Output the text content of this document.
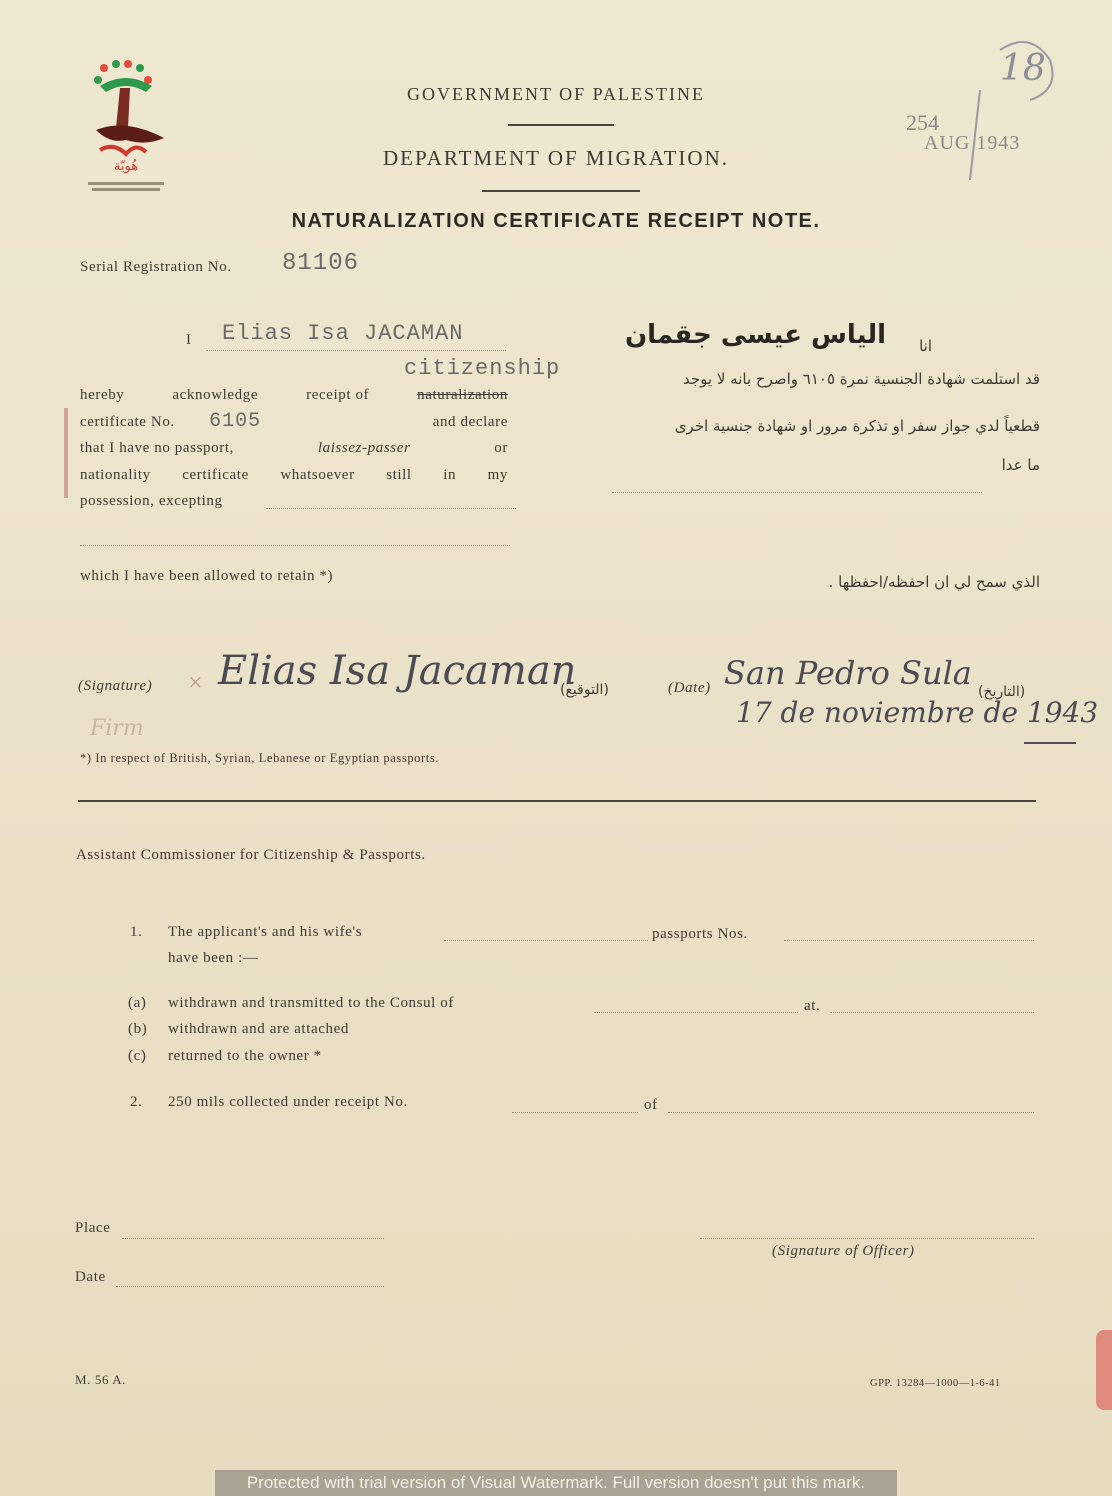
هُويّة
GOVERNMENT OF PALESTINE
DEPARTMENT OF MIGRATION.
NATURALIZATION CERTIFICATE RECEIPT NOTE.
254
AUG 1943
18
Serial Registration No. 81106
I Elias Isa JACAMAN
citizenship
hereby	acknowledge	receipt of	naturalization
certificate No. 6105	and declare
that I have no passport,	laissez-passer	or
nationality certificate whatsoever still in my
possession, excepting
انا
الياس عيسى جقمان
قد استلمت شهادة الجنسية نمرة ٦١٠٥ واصرح بانه لا يوجد
قطعياً لدي جواز سفر او تذكرة مرور او شهادة جنسية اخرى
ما عدا
الذي سمح لي ان احفظه/احفظها .
which I have been allowed to retain *)
(Signature) × Elias Isa Jacaman
(التوقيع)
Firm
(Date) San Pedro Sula (التاريخ)
17 de noviembre de 1943
*) In respect of British, Syrian, Lebanese or Egyptian passports.
Assistant Commissioner for Citizenship & Passports.
1. The applicant's and his wife's	passports Nos.
have been :—
(a) withdrawn and transmitted to the Consul of	at.
(b) withdrawn and are attached
(c) returned to the owner *
2. 250 mils collected under receipt No.	of
Place
(Signature of Officer)
Date
M. 56 A.	GPP. 13284—1000—1-6-41
Protected with trial version of Visual Watermark. Full version doesn't put this mark.
